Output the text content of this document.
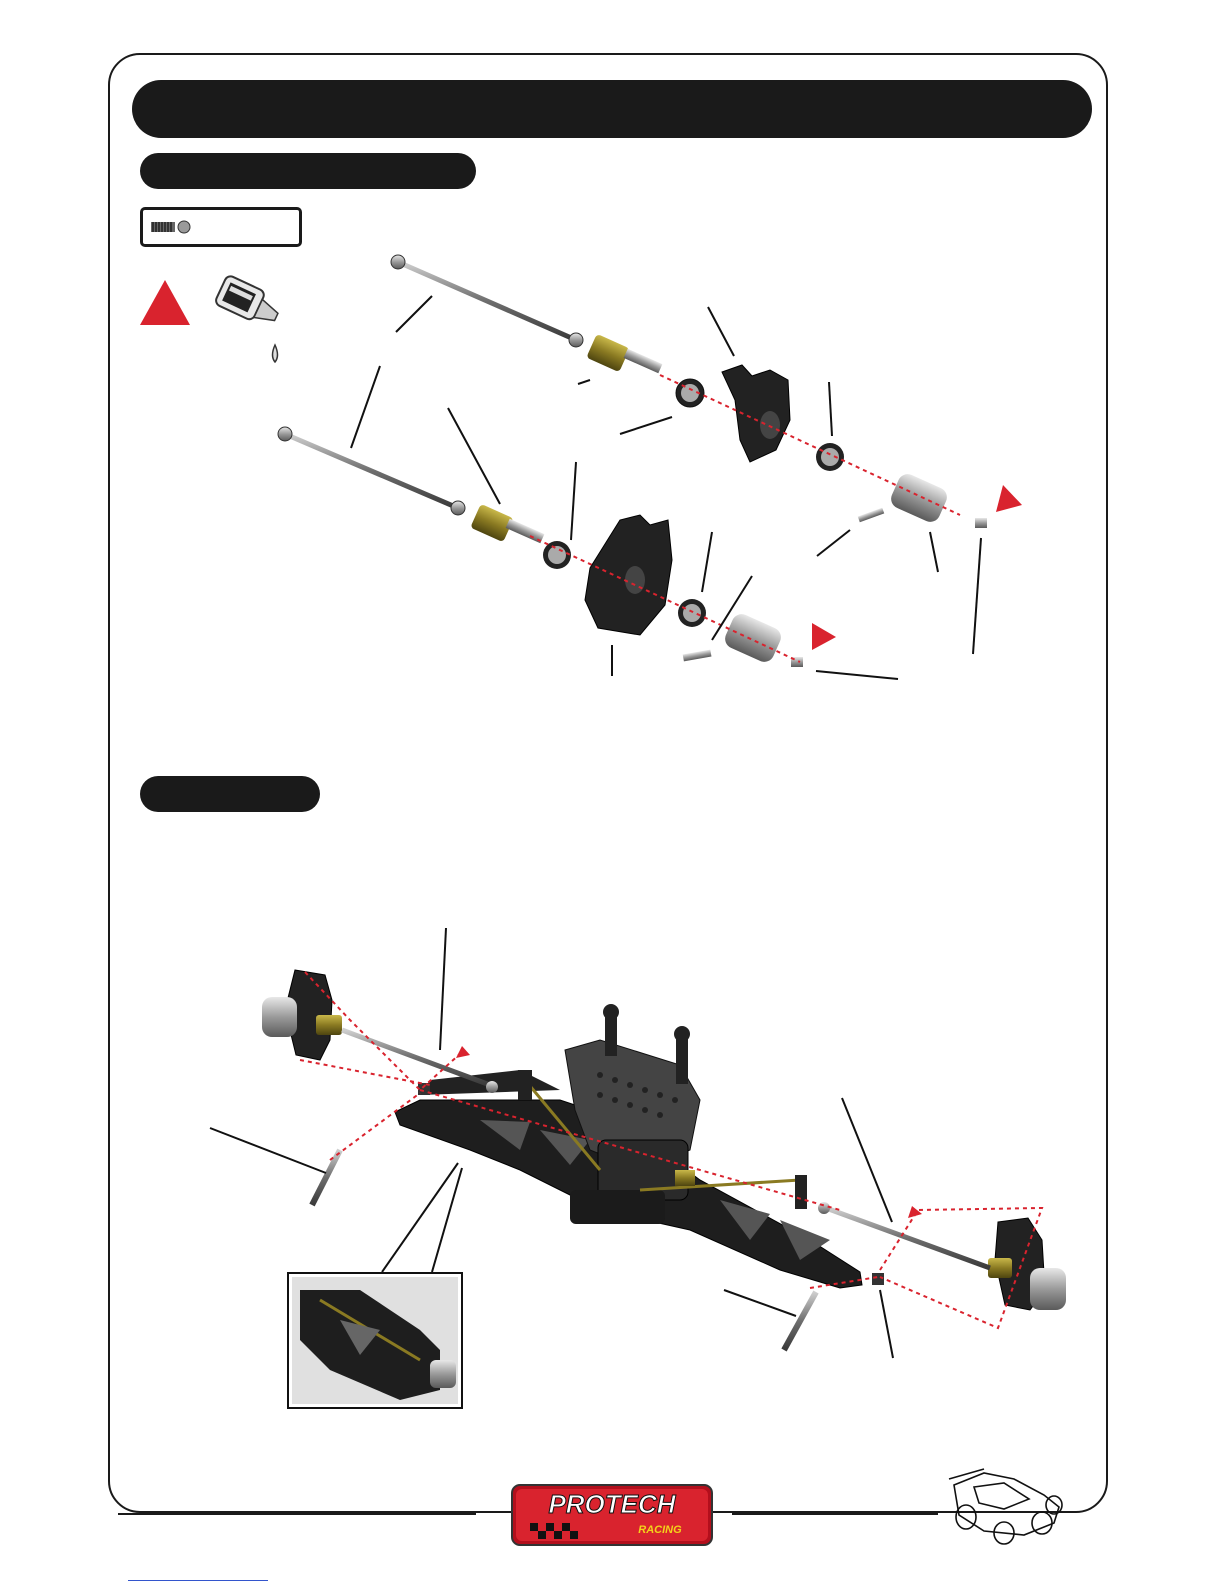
PROTECH
RACING
